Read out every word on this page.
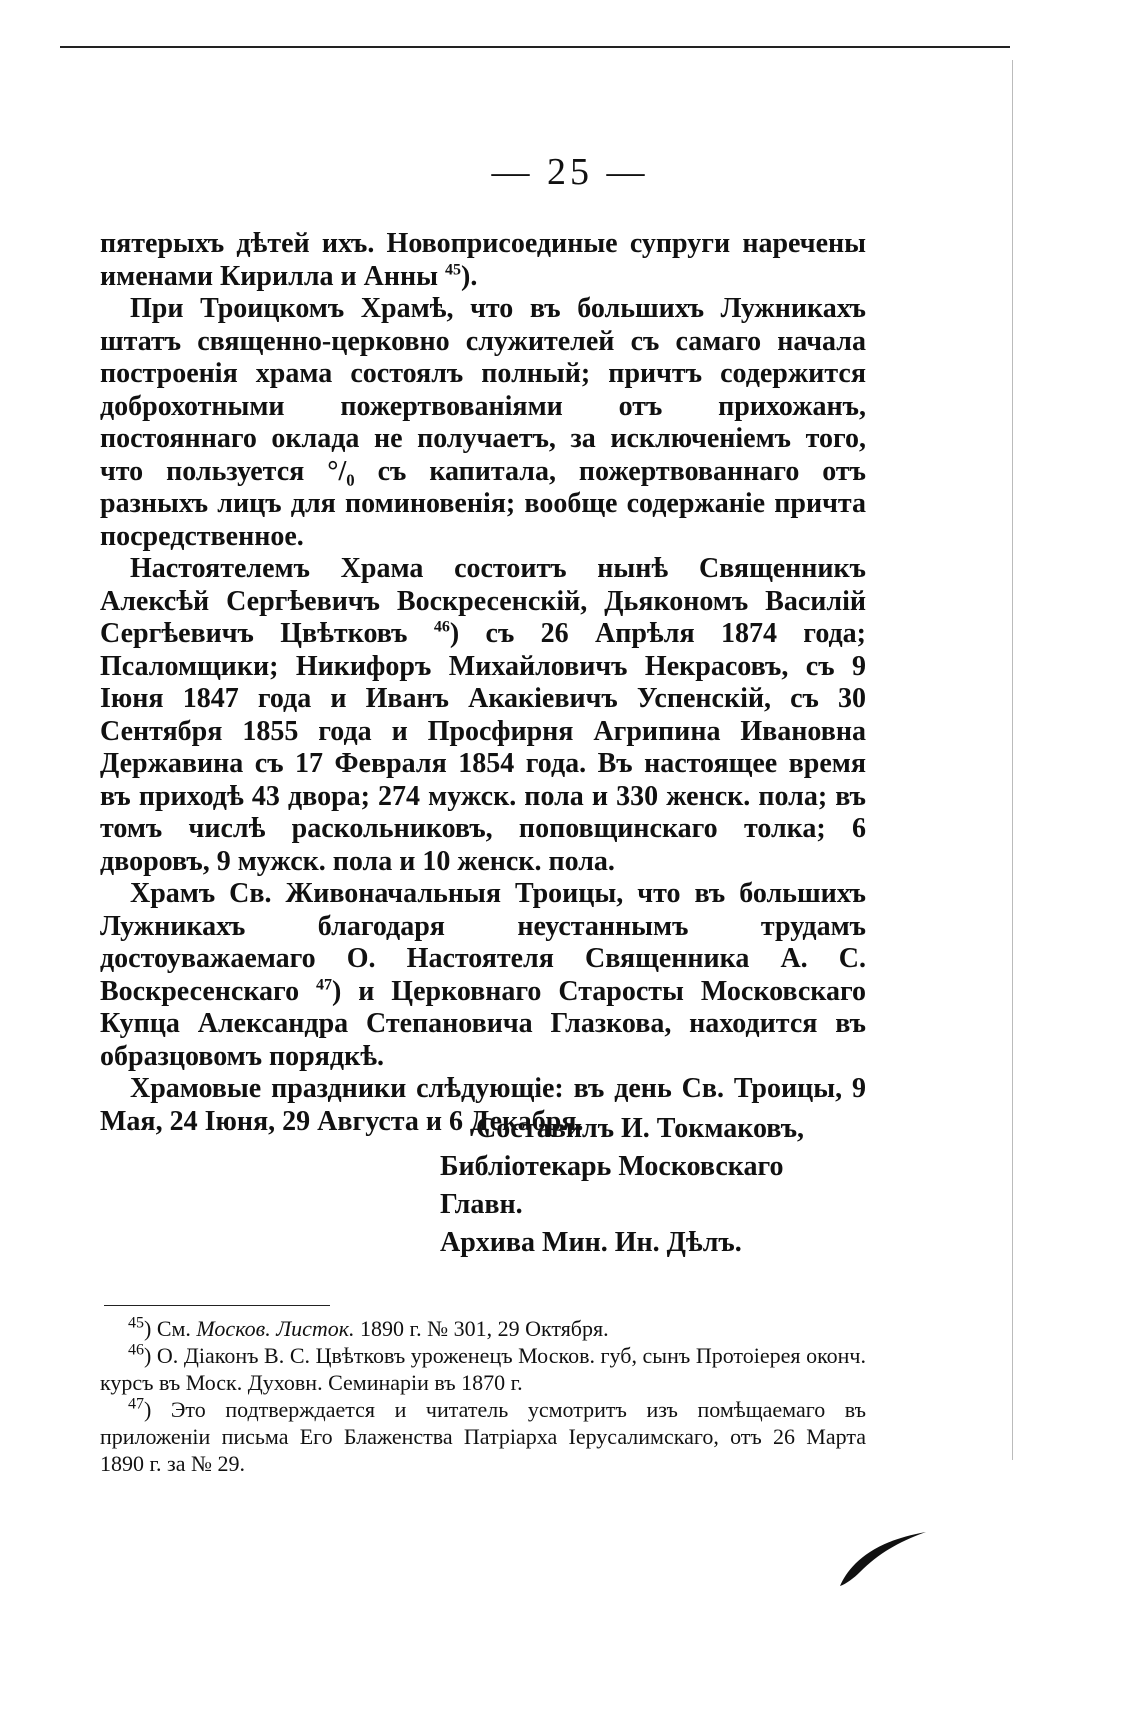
— 25 —

пятерыхъ дѣтей ихъ. Новоприсоединые супруги наречены именами Кирилла и Анны $^{45}$).

При Троицкомъ Храмѣ, что въ большихъ Лужникахъ штатъ священно-церковно служителей съ самаго начала построенія храма состоялъ полный; причтъ содержится доброхотными пожертвованіями отъ прихожанъ, постояннаго оклада не получаетъ, за исключеніемъ того, что пользуется °/₀ съ капитала, пожертвованнаго отъ разныхъ лицъ для поминовенія; вообще содержаніе причта посредственное.

Настоятелемъ Храма состоитъ нынѣ Священникъ Алексѣй Сергѣевичъ Воскресенскій, Дьякономъ Василій Сергѣевичъ Цвѣтковъ $^{46}$) съ 26 Апрѣля 1874 года; Псаломщики; Никифоръ Михайловичъ Некрасовъ, съ 9 Іюня 1847 года и Иванъ Акакіевичъ Успенскій, съ 30 Сентября 1855 года и Просфирня Агрипина Ивановна Державина съ 17 Февраля 1854 года. Въ настоящее время въ приходѣ 43 двора; 274 мужск. пола и 330 женск. пола; въ томъ числѣ раскольниковъ, поповщинскаго толка; 6 дворовъ, 9 мужск. пола и 10 женск. пола.

Храмъ Св. Живоначальныя Троицы, что въ большихъ Лужникахъ благодаря неустаннымъ трудамъ достоуважаемаго О. Настоятеля Священника А. С. Воскресенскаго $^{47}$) и Церковнаго Старосты Московскаго Купца Александра Степановича Глазкова, находится въ образцовомъ порядкѣ.

Храмовые праздники слѣдующіе: въ день Св. Троицы, 9 Мая, 24 Іюня, 29 Августа и 6 Декабря.

Составилъ И. Токмаковъ,
Библіотекарь Московскаго Главн.
Архива Мин. Ин. Дѣлъ.

$^{45}$) См. Москов. Листок. 1890 г. № 301, 29 Октября.

$^{46}$) О. Діаконъ В. С. Цвѣтковъ уроженецъ Москов. губ, сынъ Протоіерея оконч. курсъ въ Моск. Духовн. Семинаріи въ 1870 г.

$^{47}$) Это подтверждается и читатель усмотритъ изъ помѣщаемаго въ приложеніи письма Его Блаженства Патріарха Іерусалимскаго, отъ 26 Марта 1890 г. за № 29.
